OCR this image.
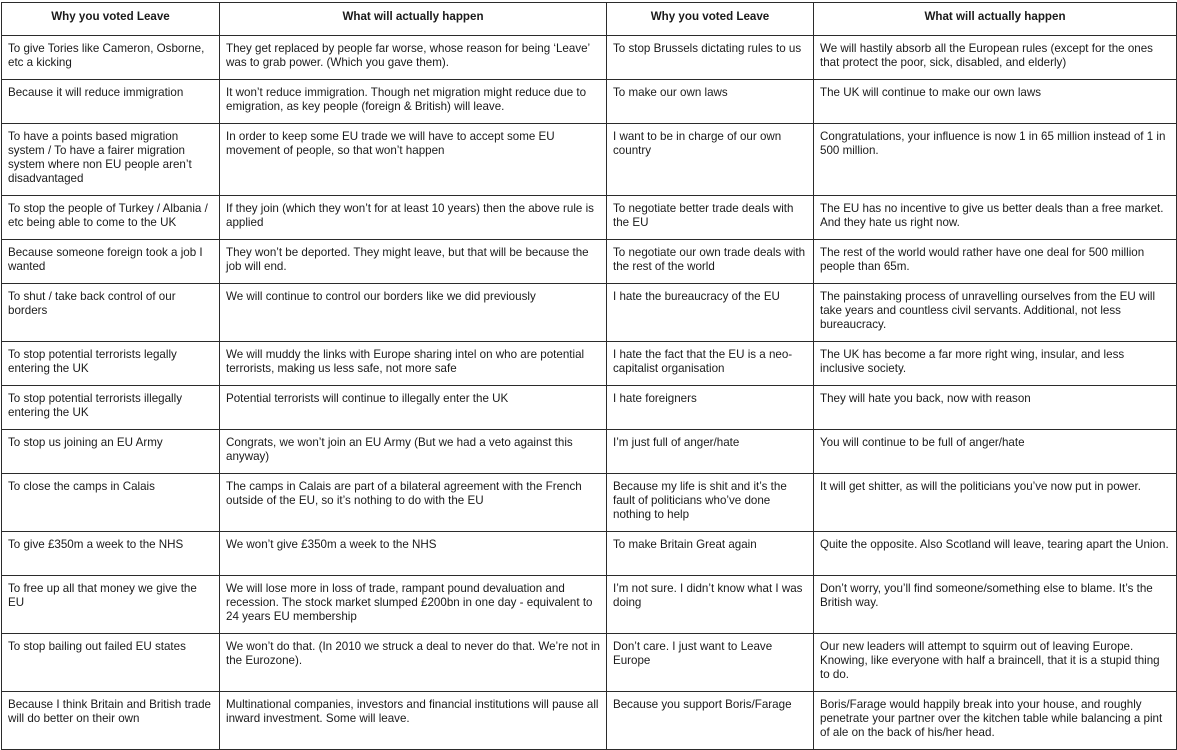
Why you voted Leave	What will actually happen	Why you voted Leave	What will actually happen
To give Tories like Cameron, Osborne, etc a kicking	They get replaced by people far worse, whose reason for being ‘Leave’ was to grab power. (Which you gave them).	To stop Brussels dictating rules to us	We will hastily absorb all the European rules (except for the ones that protect the poor, sick, disabled, and elderly)
Because it will reduce immigration	It won’t reduce immigration. Though net migration might reduce due to emigration, as key people (foreign & British) will leave.	To make our own laws	The UK will continue to make our own laws
To have a points based migration system / To have a fairer migration system where non EU people aren’t disadvantaged	In order to keep some EU trade we will have to accept some EU movement of people, so that won’t happen	I want to be in charge of our own country	Congratulations, your influence is now 1 in 65 million instead of 1 in 500 million.
To stop the people of Turkey / Albania / etc being able to come to the UK	If they join (which they won’t for at least 10 years) then the above rule is applied	To negotiate better trade deals with the EU	The EU has no incentive to give us better deals than a free market. And they hate us right now.
Because someone foreign took a job I wanted	They won’t be deported. They might leave, but that will be because the job will end.	To negotiate our own trade deals with the rest of the world	The rest of the world would rather have one deal for 500 million people than 65m.
To shut / take back control of our borders	We will continue to control our borders like we did previously	I hate the bureaucracy of the EU	The painstaking process of unravelling ourselves from the EU will take years and countless civil servants. Additional, not less bureaucracy.
To stop potential terrorists legally entering the UK	We will muddy the links with Europe sharing intel on who are potential terrorists, making us less safe, not more safe	I hate the fact that the EU is a neo-capitalist organisation	The UK has become a far more right wing, insular, and less inclusive society.
To stop potential terrorists illegally entering the UK	Potential terrorists will continue to illegally enter the UK	I hate foreigners	They will hate you back, now with reason
To stop us joining an EU Army	Congrats, we won’t join an EU Army (But we had a veto against this anyway)	I’m just full of anger/hate	You will continue to be full of anger/hate
To close the camps in Calais	The camps in Calais are part of a bilateral agreement with the French outside of the EU, so it’s nothing to do with the EU	Because my life is shit and it’s the fault of politicians who’ve done nothing to help	It will get shitter, as will the politicians you’ve now put in power.
To give £350m a week to the NHS	We won’t give £350m a week to the NHS	To make Britain Great again	Quite the opposite. Also Scotland will leave, tearing apart the Union.
To free up all that money we give the EU	We will lose more in loss of trade, rampant pound devaluation and recession. The stock market slumped £200bn in one day - equivalent to 24 years EU membership	I’m not sure. I didn’t know what I was doing	Don’t worry, you’ll find someone/something else to blame. It’s the British way.
To stop bailing out failed EU states	We won’t do that. (In 2010 we struck a deal to never do that. We’re not in the Eurozone).	Don’t care. I just want to Leave Europe	Our new leaders will attempt to squirm out of leaving Europe. Knowing, like everyone with half a braincell, that it is a stupid thing to do.
Because I think Britain and British trade will do better on their own	Multinational companies, investors and financial institutions will pause all inward investment. Some will leave.	Because you support Boris/Farage	Boris/Farage would happily break into your house, and roughly penetrate your partner over the kitchen table while balancing a pint of ale on the back of his/her head.
